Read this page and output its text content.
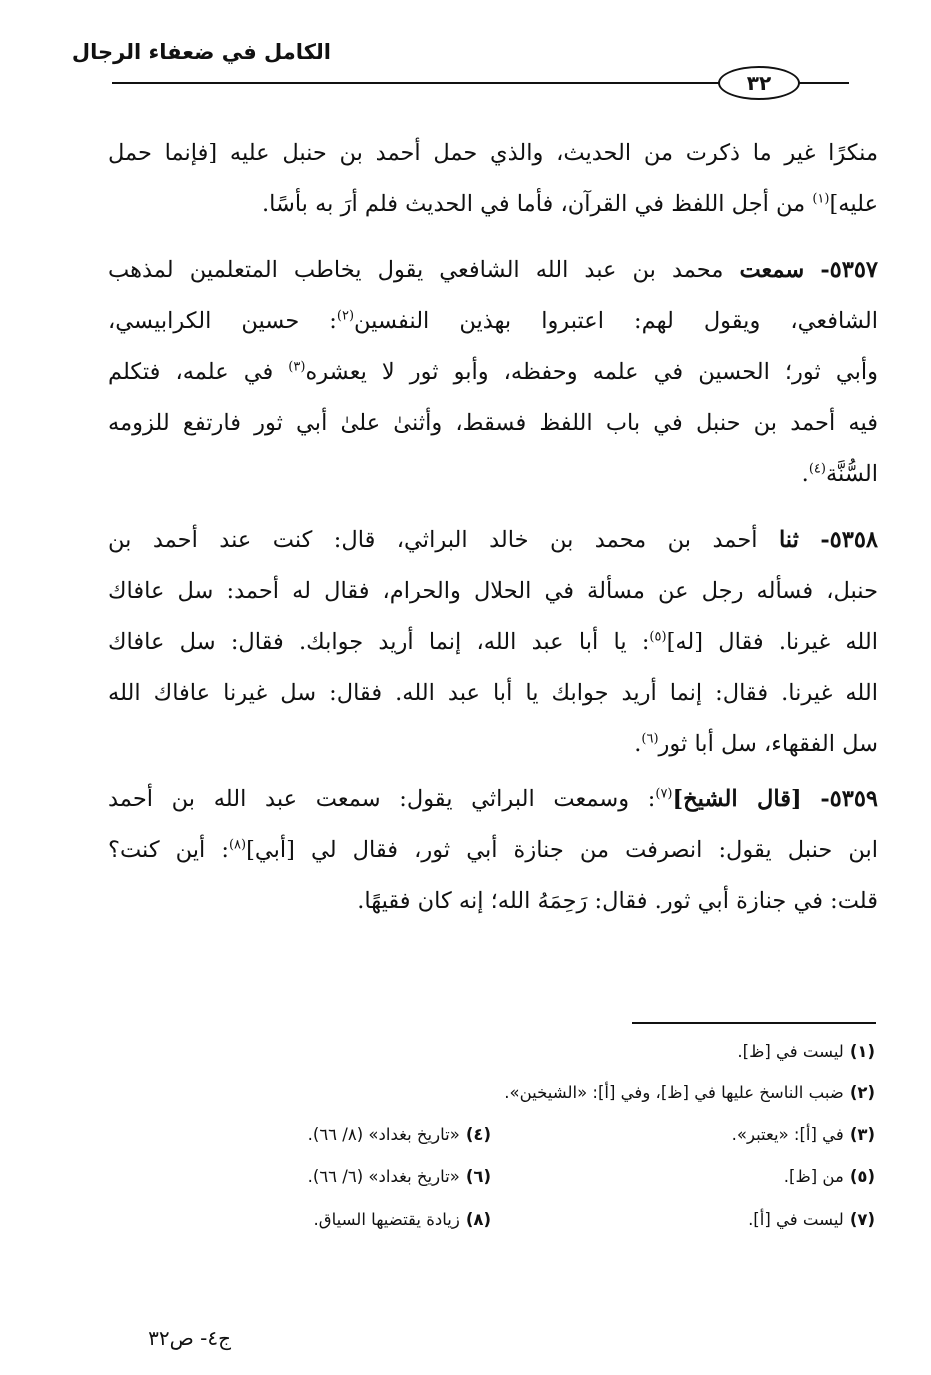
الكامل في ضعفاء الرجال
٣٢
منكرًا غير ما ذكرت من الحديث، والذي حمل أحمد بن حنبل عليه [فإنما حمل
عليه]$^{(١)}$ من أجل اللفظ في القرآن، فأما في الحديث فلم أرَ به بأسًا.
٥٣٥٧- سمعت محمد بن عبد الله الشافعي يقول يخاطب المتعلمين لمذهب
الشافعي، ويقول لهم: اعتبروا بهذين النفسين$^{(٢)}$: حسين الكرابيسي،
وأبي ثور؛ الحسين في علمه وحفظه، وأبو ثور لا يعشره$^{(٣)}$ في علمه، فتكلم
فيه أحمد بن حنبل في باب اللفظ فسقط، وأثنىٰ علىٰ أبي ثور فارتفع للزومه
السُّنَّة$^{(٤)}$.
٥٣٥٨- ثنا أحمد بن محمد بن خالد البراثي، قال: كنت عند أحمد بن
حنبل، فسأله رجل عن مسألة في الحلال والحرام، فقال له أحمد: سل عافاك
الله غيرنا. فقال [له]$^{(٥)}$: يا أبا عبد الله، إنما أريد جوابك. فقال: سل عافاك
الله غيرنا. فقال: إنما أريد جوابك يا أبا عبد الله. فقال: سل غيرنا عافاك الله
سل الفقهاء، سل أبا ثور$^{(٦)}$.
٥٣٥٩- [قال الشيخ]$^{(٧)}$: وسمعت البراثي يقول: سمعت عبد الله بن أحمد
ابن حنبل يقول: انصرفت من جنازة أبي ثور، فقال لي [أبي]$^{(٨)}$: أين كنت؟
قلت: في جنازة أبي ثور. فقال: رَحِمَهُ الله؛ إنه كان فقيهًا.
(١)ليست في [ظ].
(٢)ضبب الناسخ عليها في [ظ]، وفي [أ]: «الشيخين».
(٣)في [أ]: «يعتبر».
(٤)«تاريخ بغداد» (٨/ ٦٦).
(٥)من [ظ].
(٦)«تاريخ بغداد» (٦/ ٦٦).
(٧)ليست في [أ].
(٨)زيادة يقتضيها السياق.
ج٤- ص٣٢
